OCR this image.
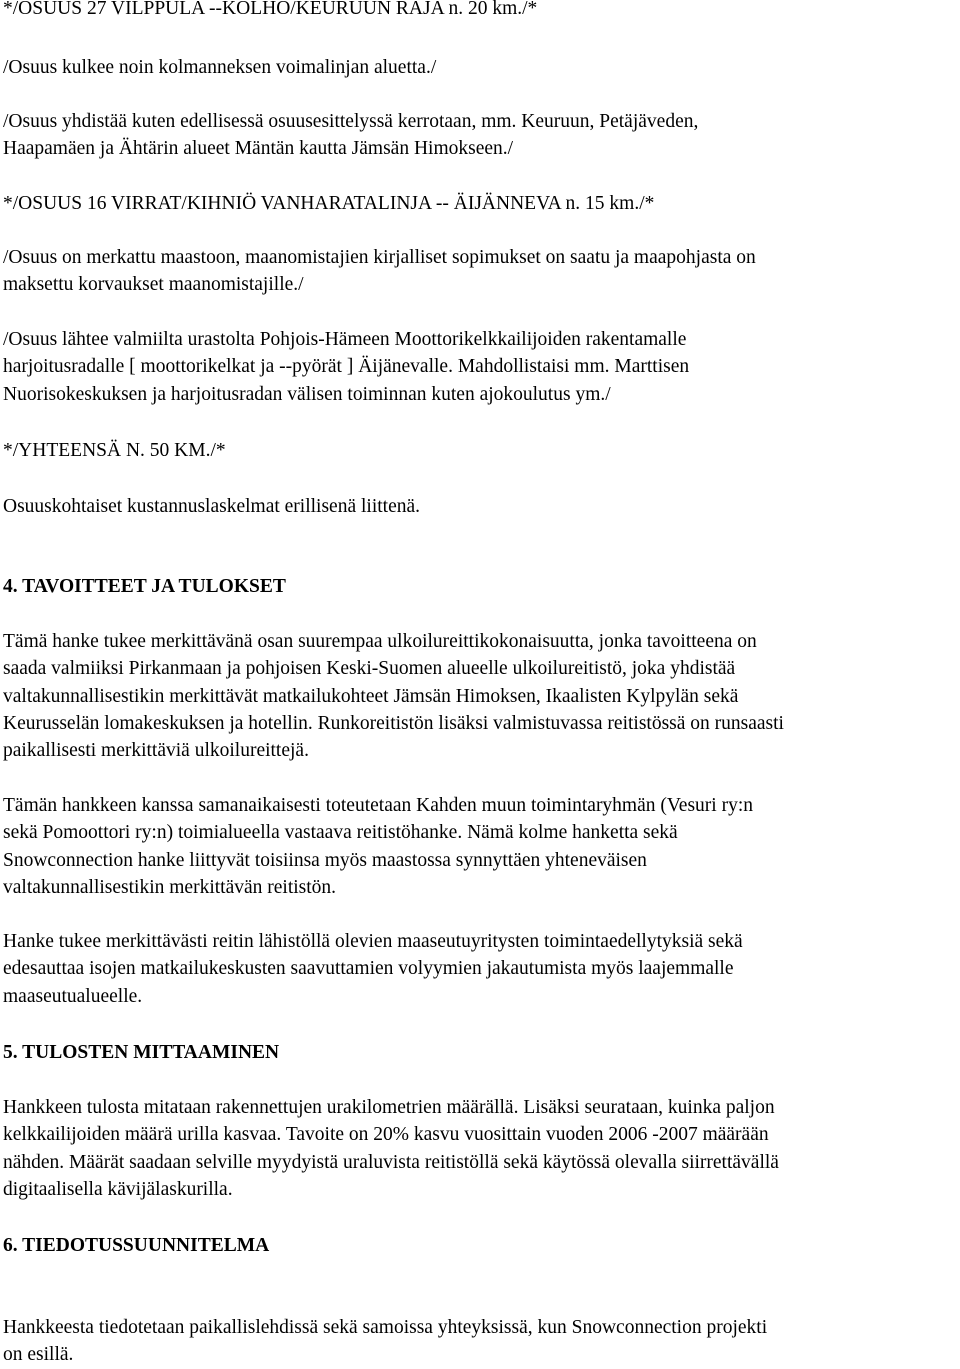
*/OSUUS 27 VILPPULA --KOLHO/KEURUUN RAJA n. 20 km./*
/Osuus kulkee noin kolmanneksen voimalinjan aluetta./
/Osuus yhdistää kuten edellisessä osuusesittelyssä kerrotaan, mm. Keuruun, Petäjäveden,
Haapamäen ja Ähtärin alueet Mäntän kautta Jämsän Himokseen./
*/OSUUS 16 VIRRAT/KIHNIÖ VANHARATALINJA -- ÄIJÄNNEVA n. 15 km./*
/Osuus on merkattu maastoon, maanomistajien kirjalliset sopimukset on saatu ja maapohjasta on
maksettu korvaukset maanomistajille./
/Osuus lähtee valmiilta urastolta Pohjois-Hämeen Moottorikelkkailijoiden rakentamalle
harjoitusradalle [ moottorikelkat ja --pyörät ] Äijänevalle. Mahdollistaisi mm. Marttisen
Nuorisokeskuksen ja harjoitusradan välisen toiminnan kuten ajokoulutus ym./
*/YHTEENSÄ N. 50 KM./*
Osuuskohtaiset kustannuslaskelmat erillisenä liittenä.
4. TAVOITTEET JA TULOKSET
Tämä hanke tukee merkittävänä osan suurempaa ulkoilureittikokonaisuutta, jonka tavoitteena on
saada valmiiksi Pirkanmaan ja pohjoisen Keski-Suomen alueelle ulkoilureitistö, joka yhdistää
valtakunnallisestikin merkittävät matkailukohteet Jämsän Himoksen, Ikaalisten Kylpylän sekä
Keurusselän lomakeskuksen ja hotellin. Runkoreitistön lisäksi valmistuvassa reitistössä on runsaasti
paikallisesti merkittäviä ulkoilureittejä.
Tämän hankkeen kanssa samanaikaisesti toteutetaan Kahden muun toimintaryhmän (Vesuri ry:n
sekä Pomoottori ry:n) toimialueella vastaava reitistöhanke. Nämä kolme hanketta sekä
Snowconnection hanke liittyvät toisiinsa myös maastossa synnyttäen yhteneväisen
valtakunnallisestikin merkittävän reitistön.
Hanke tukee merkittävästi reitin lähistöllä olevien maaseutuyritysten toimintaedellytyksiä sekä
edesauttaa isojen matkailukeskusten saavuttamien volyymien jakautumista myös laajemmalle
maaseutualueelle.
5. TULOSTEN MITTAAMINEN
Hankkeen tulosta mitataan rakennettujen urakilometrien määrällä. Lisäksi seurataan, kuinka paljon
kelkkailijoiden määrä urilla kasvaa. Tavoite on 20% kasvu vuosittain vuoden 2006 -2007 määrään
nähden. Määrät saadaan selville myydyistä uraluvista reitistöllä sekä käytössä olevalla siirrettävällä
digitaalisella kävijälaskurilla.
6. TIEDOTUSSUUNNITELMA
Hankkeesta tiedotetaan paikallislehdissä sekä samoissa yhteyksissä, kun Snowconnection projekti
on esillä.
